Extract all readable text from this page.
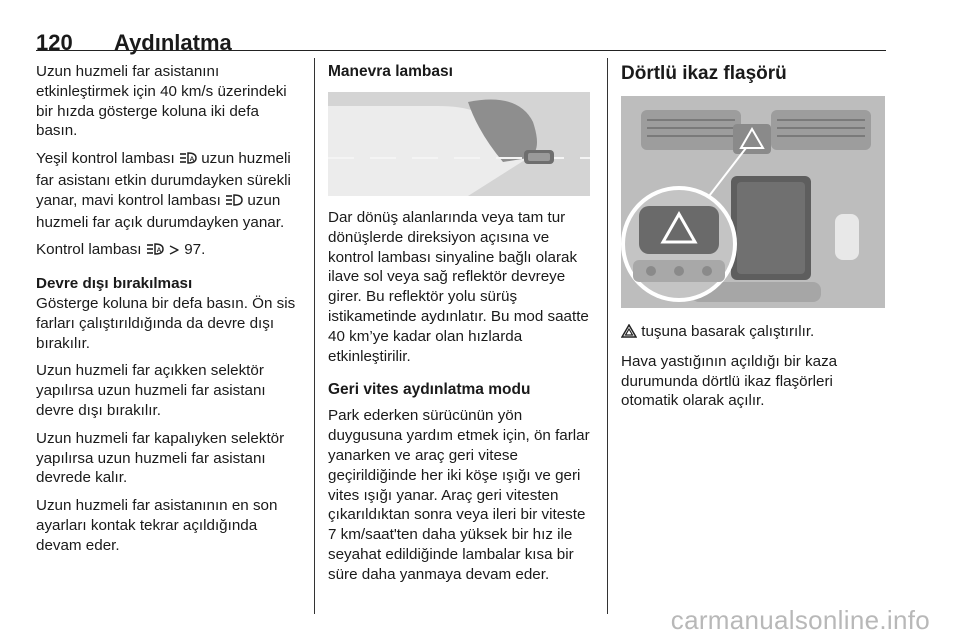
120 Aydınlatma

Uzun huzmeli far asistanını etkinleştirmek için 40 km/s üzerindeki bir hızda gösterge koluna iki defa basın.

Yeşil kontrol lambası A uzun huzmeli far asistanı etkin durumdayken sürekli yanar, mavi kontrol lambası uzun huzmeli far açık durumdayken yanar.

Kontrol lambası A 97.

Devre dışı bırakılması

Gösterge koluna bir defa basın. Ön sis farları çalıştırıldığında da devre dışı bırakılır.

Uzun huzmeli far açıkken selektör yapılırsa uzun huzmeli far asistanı devre dışı bırakılır.

Uzun huzmeli far kapalıyken selektör yapılırsa uzun huzmeli far asistanı devrede kalır.

Uzun huzmeli far asistanının en son ayarları kontak tekrar açıldığında devam eder.

Manevra lambası

Dar dönüş alanlarında veya tam tur dönüşlerde direksiyon açısına ve kontrol lambası sinyaline bağlı olarak ilave sol veya sağ reflektör devreye girer. Bu reflektör yolu sürüş istikametinde aydınlatır. Bu mod saatte 40 km’ye kadar olan hızlarda etkinleştirilir.

Geri vites aydınlatma modu

Park ederken sürücünün yön duygusuna yardım etmek için, ön farlar yanarken ve araç geri vitese geçirildiğinde her iki köşe ışığı ve geri vites ışığı yanar. Araç geri vitesten çıkarıldıktan sonra veya ileri bir viteste 7 km/saat'ten daha yüksek bir hız ile seyahat edildiğinde lambalar kısa bir süre daha yanmaya devam eder.

Dörtlü ikaz flaşörü

tuşuna basarak çalıştırılır.

Hava yastığının açıldığı bir kaza durumunda dörtlü ikaz flaşörleri otomatik olarak açılır.

carmanualsonline.info
